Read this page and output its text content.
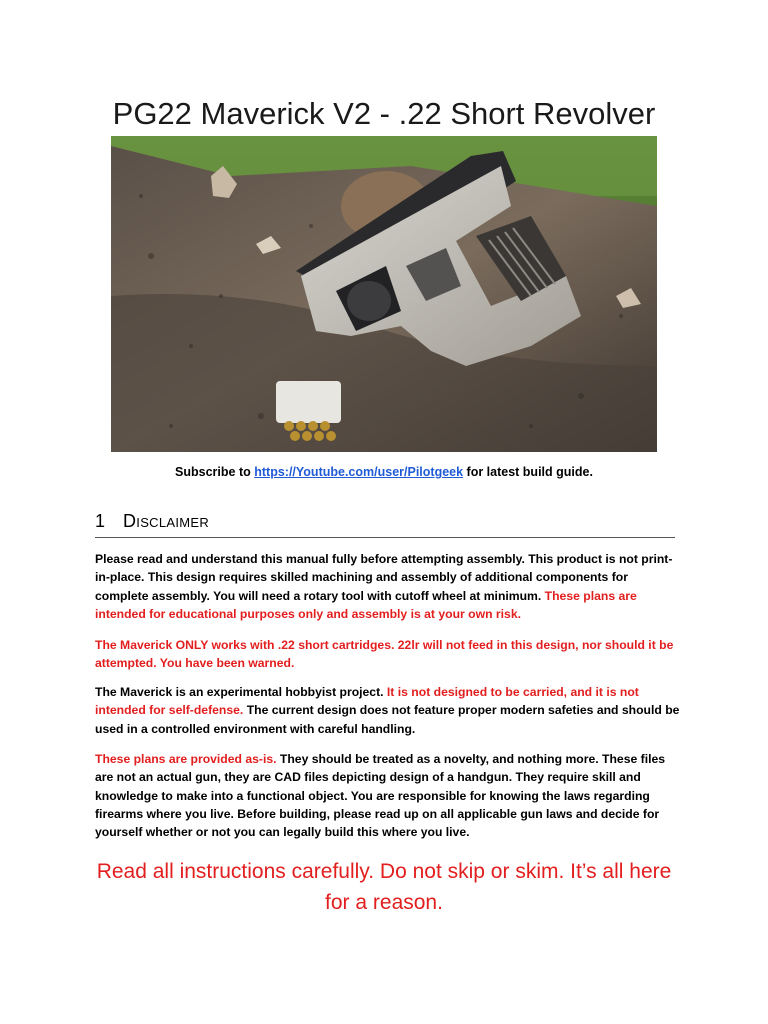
PG22 Maverick V2 - .22 Short Revolver
Subscribe to https://Youtube.com/user/Pilotgeek for latest build guide.
1 Disclaimer

Please read and understand this manual fully before attempting assembly. This product is not print-in-place. This design requires skilled machining and assembly of additional components for complete assembly. You will need a rotary tool with cutoff wheel at minimum. These plans are intended for educational purposes only and assembly is at your own risk.

The Maverick ONLY works with .22 short cartridges. 22lr will not feed in this design, nor should it be attempted. You have been warned.

The Maverick is an experimental hobbyist project. It is not designed to be carried, and it is not intended for self-defense. The current design does not feature proper modern safeties and should be used in a controlled environment with careful handling.

These plans are provided as-is. They should be treated as a novelty, and nothing more. These files are not an actual gun, they are CAD files depicting design of a handgun. They require skill and knowledge to make into a functional object. You are responsible for knowing the laws regarding firearms where you live. Before building, please read up on all applicable gun laws and decide for yourself whether or not you can legally build this where you live.

Read all instructions carefully. Do not skip or skim. It’s all here for a reason.
